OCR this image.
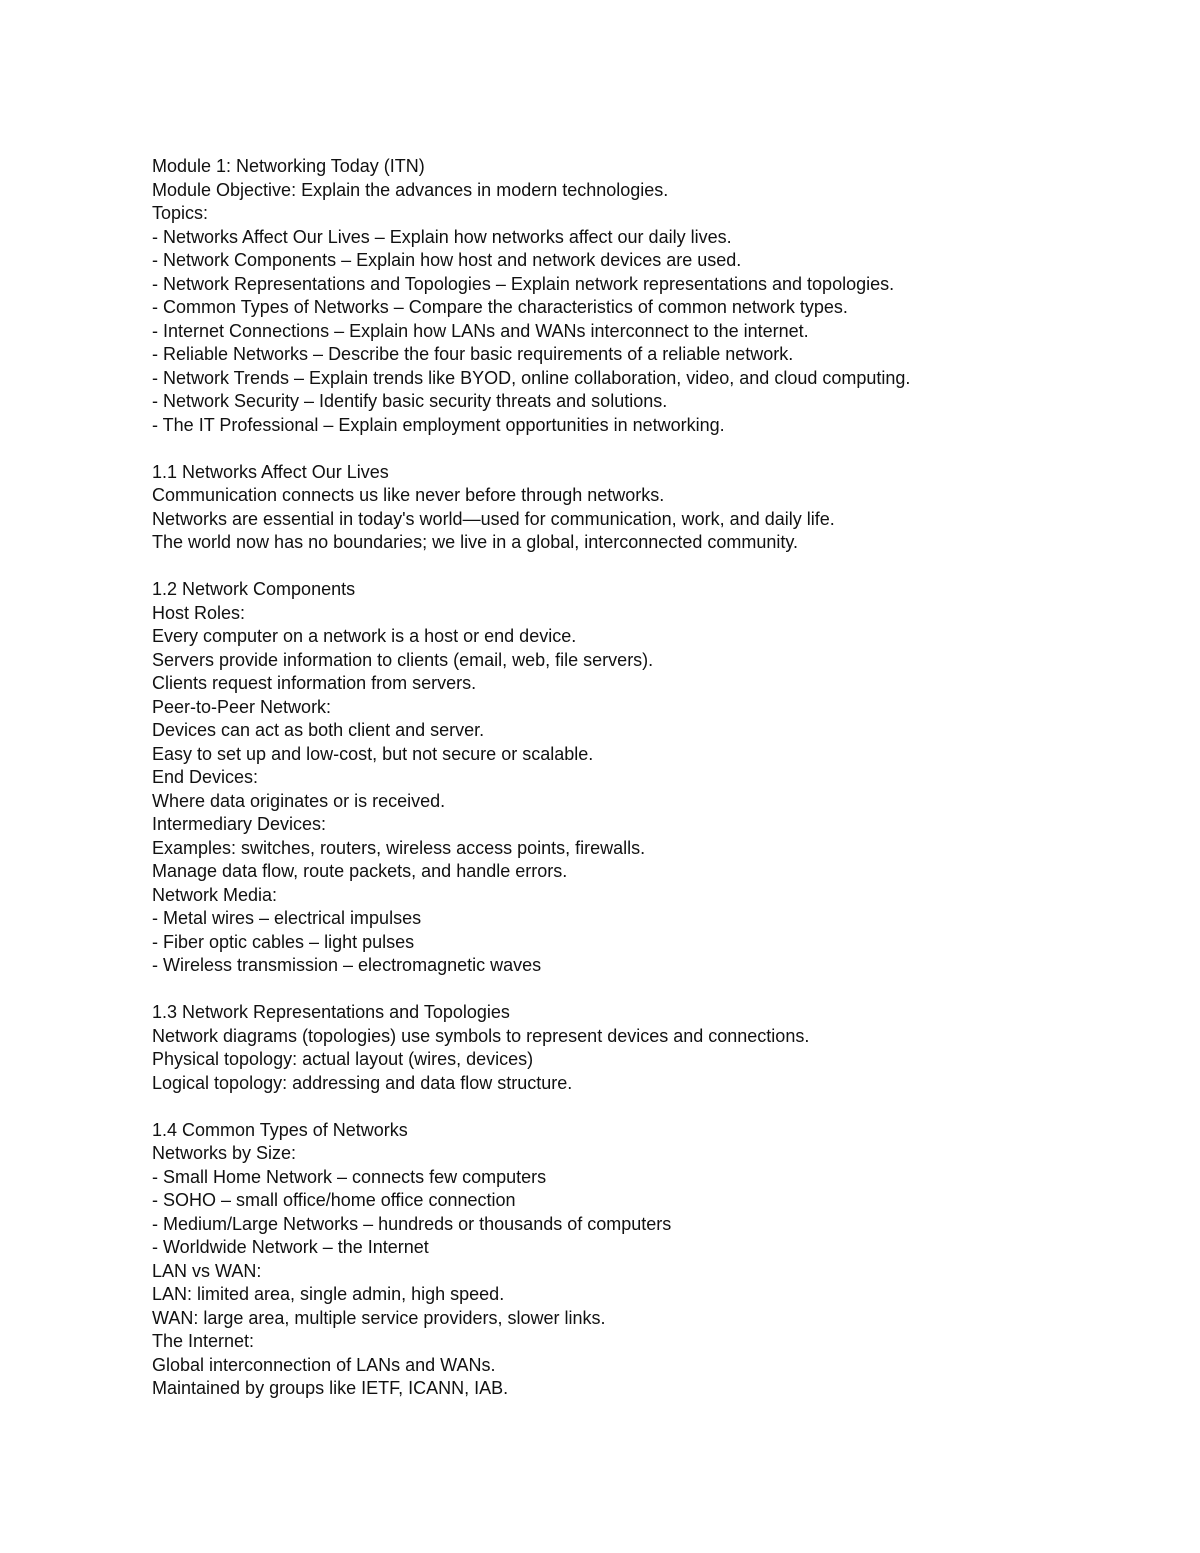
Module 1: Networking Today (ITN)

Module Objective: Explain the advances in modern technologies.

Topics:

- Networks Affect Our Lives – Explain how networks affect our daily lives.

- Network Components – Explain how host and network devices are used.

- Network Representations and Topologies – Explain network representations and topologies.

- Common Types of Networks – Compare the characteristics of common network types.

- Internet Connections – Explain how LANs and WANs interconnect to the internet.

- Reliable Networks – Describe the four basic requirements of a reliable network.

- Network Trends – Explain trends like BYOD, online collaboration, video, and cloud computing.

- Network Security – Identify basic security threats and solutions.

- The IT Professional – Explain employment opportunities in networking.

1.1 Networks Affect Our Lives

Communication connects us like never before through networks.

Networks are essential in today's world—used for communication, work, and daily life.

The world now has no boundaries; we live in a global, interconnected community.

1.2 Network Components

Host Roles:

Every computer on a network is a host or end device.

Servers provide information to clients (email, web, file servers).

Clients request information from servers.

Peer-to-Peer Network:

Devices can act as both client and server.

Easy to set up and low-cost, but not secure or scalable.

End Devices:

Where data originates or is received.

Intermediary Devices:

Examples: switches, routers, wireless access points, firewalls.

Manage data flow, route packets, and handle errors.

Network Media:

- Metal wires – electrical impulses

- Fiber optic cables – light pulses

- Wireless transmission – electromagnetic waves

1.3 Network Representations and Topologies

Network diagrams (topologies) use symbols to represent devices and connections.

Physical topology: actual layout (wires, devices)

Logical topology: addressing and data flow structure.

1.4 Common Types of Networks

Networks by Size:

- Small Home Network – connects few computers

- SOHO – small office/home office connection

- Medium/Large Networks – hundreds or thousands of computers

- Worldwide Network – the Internet

LAN vs WAN:

LAN: limited area, single admin, high speed.

WAN: large area, multiple service providers, slower links.

The Internet:

Global interconnection of LANs and WANs.

Maintained by groups like IETF, ICANN, IAB.
